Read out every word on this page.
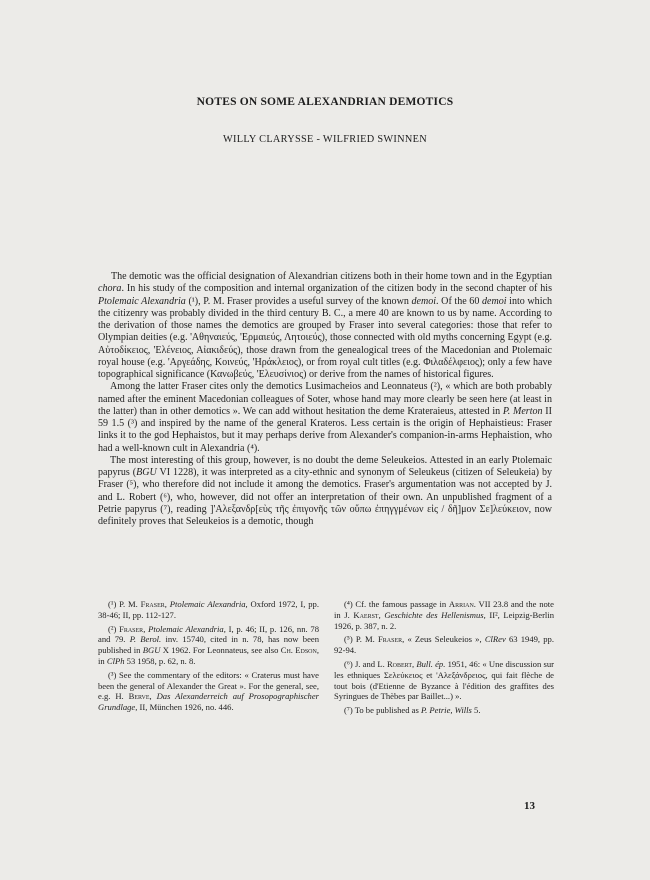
NOTES ON SOME ALEXANDRIAN DEMOTICS
WILLY CLARYSSE - WILFRIED SWINNEN

The demotic was the official designation of Alexandrian citizens both in their home town and in the Egyptian chora. In his study of the composition and internal organization of the citizen body in the second chapter of his Ptolemaic Alexandria (¹), P. M. Fraser provides a useful survey of the known demoi. Of the 60 demoi into which the citizenry was probably divided in the third century B. C., a mere 40 are known to us by name. According to the derivation of those names the demotics are grouped by Fraser into several categories: those that refer to Olympian deities (e.g. 'Αθηναιεύς, 'Ερμαιεύς, Λητοιεύς), those connected with old myths concerning Egypt (e.g. Αὐτοδίκειος, 'Ελένειος, Αἰακιδεύς), those drawn from the genealogical trees of the Macedonian and Ptolemaic royal house (e.g. 'Αργεάδης, Κοινεύς, 'Ηράκλειος), or from royal cult titles (e.g. Φιλαδέλφειος); only a few have topographical significance (Κανωβεύς, 'Ελευσίνιος) or derive from the names of historical figures.

Among the latter Fraser cites only the demotics Lusimacheios and Leonnateus (²), « which are both probably named after the eminent Macedonian colleagues of Soter, whose hand may more clearly be seen here (at least in the latter) than in other demotics ». We can add without hesitation the deme Krateraieus, attested in P. Merton II 59 1.5 (³) and inspired by the name of the general Krateros. Less certain is the origin of Hephaistieus: Fraser links it to the god Hephaistos, but it may perhaps derive from Alexander's companion-in-arms Hephaistion, who had a well-known cult in Alexandria (⁴).

The most interesting of this group, however, is no doubt the deme Seleukeios. Attested in an early Ptolemaic papyrus (BGU VI 1228), it was interpreted as a city-ethnic and synonym of Seleukeus (citizen of Seleukeia) by Fraser (⁵), who therefore did not include it among the demotics. Fraser's argumentation was not accepted by J. and L. Robert (⁶), who, however, did not offer an interpretation of their own. An unpublished fragment of a Petrie papyrus (⁷), reading ]'Αλεξανδρ[εὺς τῆς ἐπιγονῆς τῶν οὕπω ἐπηγγμένων εἰς / δῆ]μον Σε]λεύκειον, now definitely proves that Seleukeios is a demotic, though

(¹) P. M. Fraser, Ptolemaic Alexandria, Oxford 1972, I, pp. 38-46; II, pp. 112-127.

(²) Fraser, Ptolemaic Alexandria, I, p. 46; II, p. 126, nn. 78 and 79. P. Berol. inv. 15740, cited in n. 78, has now been published in BGU X 1962. For Leonnateus, see also Ch. Edson, in ClPh 53 1958, p. 62, n. 8.

(³) See the commentary of the editors: « Craterus must have been the general of Alexander the Great ». For the general, see, e.g. H. Berve, Das Alexanderreich auf Prosopographischer Grundlage, II, München 1926, no. 446.

(⁴) Cf. the famous passage in Arrian. VII 23.8 and the note in J. Kaerst, Geschichte des Hellenismus, II², Leipzig-Berlin 1926, p. 387, n. 2.

(⁵) P. M. Fraser, « Zeus Seleukeios », ClRev 63 1949, pp. 92-94.

(⁶) J. and L. Robert, Bull. ép. 1951, 46: « Une discussion sur les ethniques Σελεύκειος et 'Αλεξάνδρειος, qui fait flèche de tout bois (d'Etienne de Byzance à l'édition des graffites des Syringues de Thèbes par Baillet...) ».

(⁷) To be published as P. Petrie, Wills 5.

13
